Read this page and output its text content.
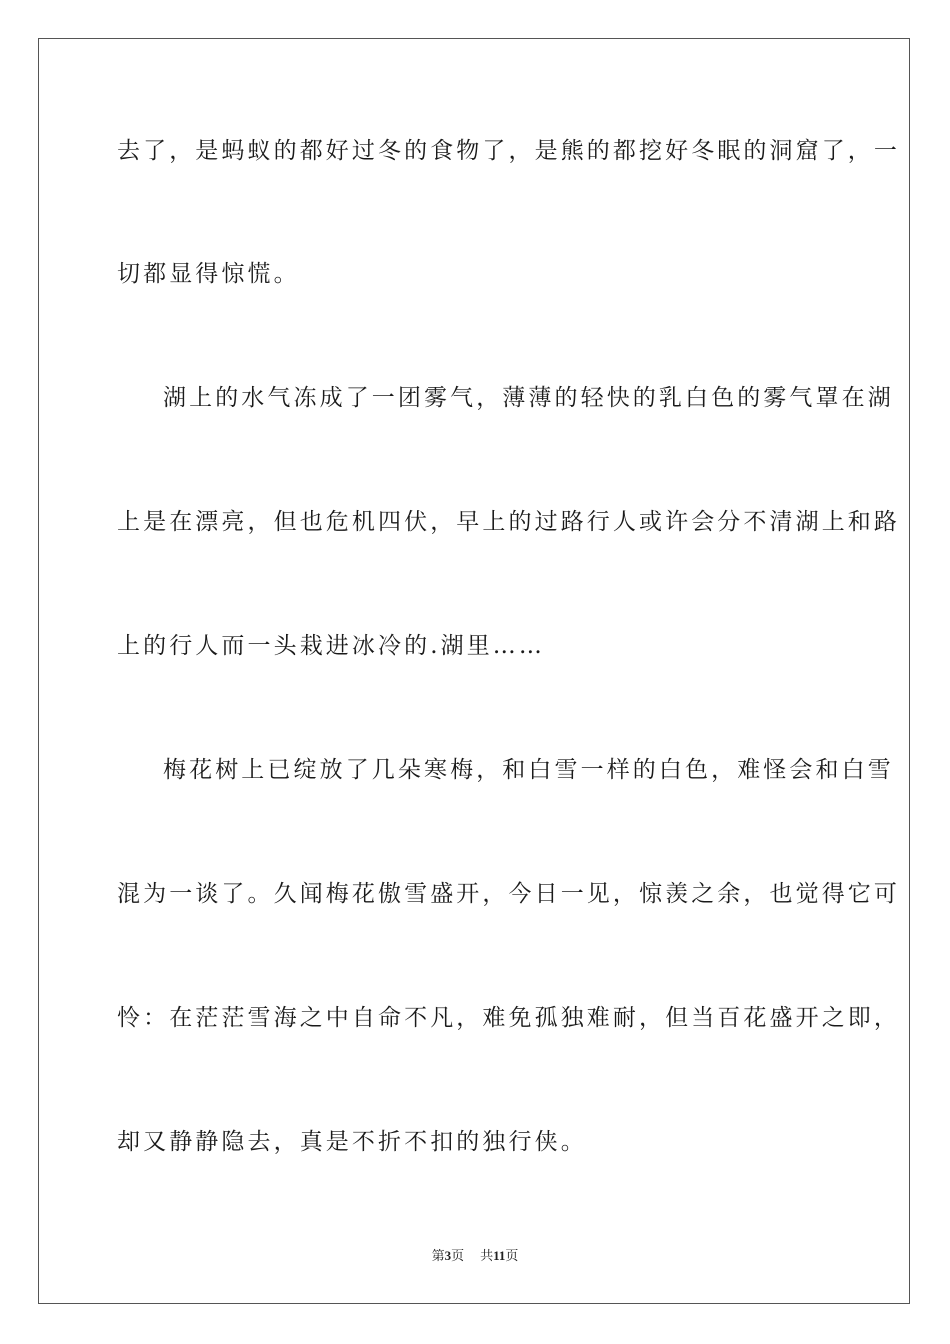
去了，是蚂蚁的都好过冬的食物了，是熊的都挖好冬眠的洞窟了，一
切都显得惊慌。
湖上的水气冻成了一团雾气，薄薄的轻快的乳白色的雾气罩在湖
上是在漂亮，但也危机四伏，早上的过路行人或许会分不清湖上和路
上的行人而一头栽进冰冷的.湖里……
梅花树上已绽放了几朵寒梅，和白雪一样的白色，难怪会和白雪
混为一谈了。久闻梅花傲雪盛开，今日一见，惊羡之余，也觉得它可
怜：在茫茫雪海之中自命不凡，难免孤独难耐，但当百花盛开之即，
却又静静隐去，真是不折不扣的独行侠。
第3页 共11页
